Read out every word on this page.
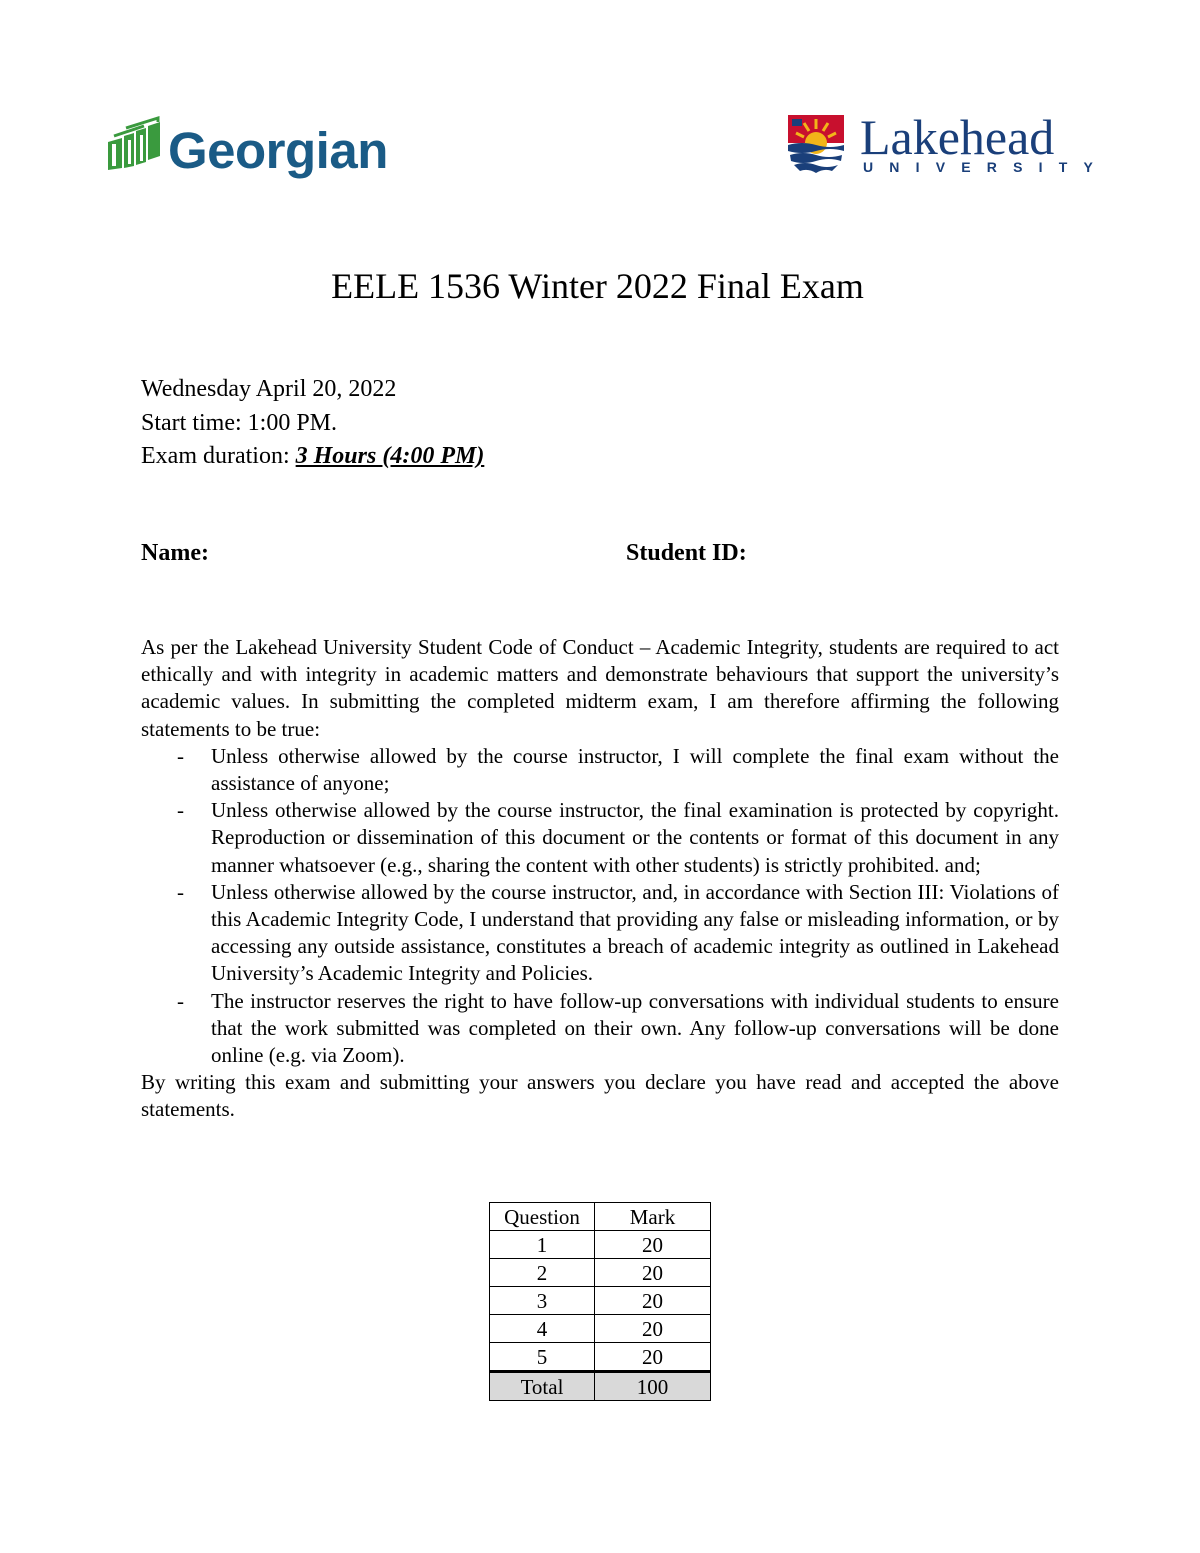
Georgian	Lakehead
UNIVERSITY
EELE 1536 Winter 2022 Final Exam
Wednesday April 20, 2022
Start time: 1:00 PM.
Exam duration: 3 Hours (4:00 PM)
Name:	Student ID:

As per the Lakehead University Student Code of Conduct – Academic Integrity, students are required to act ethically and with integrity in academic matters and demonstrate behaviours that support the university’s academic values. In submitting the completed midterm exam, I am therefore affirming the following statements to be true:

- Unless otherwise allowed by the course instructor, I will complete the final exam without the assistance of anyone;
- Unless otherwise allowed by the course instructor, the final examination is protected by copyright. Reproduction or dissemination of this document or the contents or format of this document in any manner whatsoever (e.g., sharing the content with other students) is strictly prohibited. and;
- Unless otherwise allowed by the course instructor, and, in accordance with Section III: Violations of this Academic Integrity Code, I understand that providing any false or misleading information, or by accessing any outside assistance, constitutes a breach of academic integrity as outlined in Lakehead University’s Academic Integrity and Policies.
- The instructor reserves the right to have follow-up conversations with individual students to ensure that the work submitted was completed on their own. Any follow-up conversations will be done online (e.g. via Zoom).

By writing this exam and submitting your answers you declare you have read and accepted the above statements.

Question	Mark
1	20
2	20
3	20
4	20
5	20
Total	100
